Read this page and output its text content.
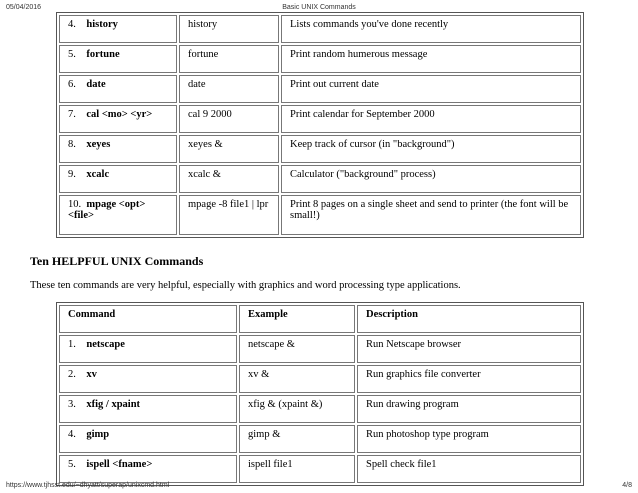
05/04/2016	Basic UNIX Commands
4. history	history	Lists commands you've done recently
5. fortune	fortune	Print random humerous message
6. date	date	Print out current date
7. cal <mo> <yr>	cal 9 2000	Print calendar for September 2000
8. xeyes	xeyes &	Keep track of cursor (in "background")
9. xcalc	xcalc &	Calculator ("background" process)
10. mpage <opt> <file>	mpage -8 file1 | lpr	Print 8 pages on a single sheet and send to printer (the font will be small!)
Ten HELPFUL UNIX Commands
These ten commands are very helpful, especially with graphics and word processing type applications.
Command	Example	Description
1. netscape	netscape &	Run Netscape browser
2. xv	xv &	Run graphics file converter
3. xfig / xpaint	xfig & (xpaint &)	Run drawing program
4. gimp	gimp &	Run photoshop type program
5. ispell <fname>	ispell file1	Spell check file1
https://www.tjhsst.edu/~dhyatt/superap/unixcmd.html	4/8
